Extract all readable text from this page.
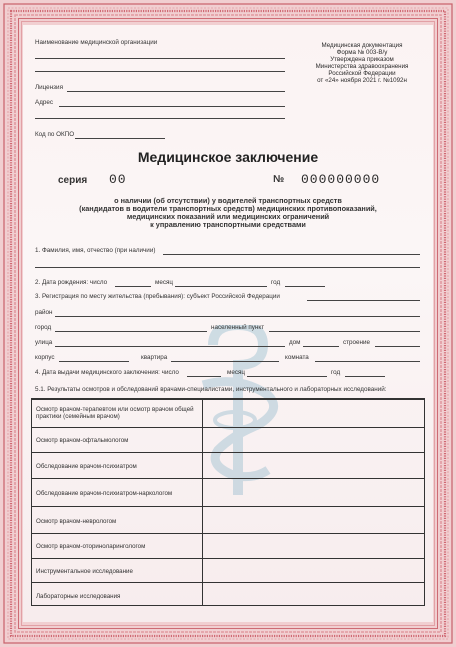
Наименование медицинской организации
Лицензия
Адрес
Код по ОКПО
Медицинская документация
Форма № 003-В/у
Утверждена приказом
Министерства здравоохранения
Российской Федерации
от «24» ноября 2021 г. №1092н
Медицинское заключение
серия 00	№ 000000000
о наличии (об отсутствии) у водителей транспортных средств
(кандидатов в водители транспортных средств) медицинских противопоказаний,
медицинских показаний или медицинских ограничений
к управлению транспортными средствами
1. Фамилия, имя, отчество (при наличии)
2. Дата рождения: число	месяц	год
3. Регистрация по месту жительства (пребывания): субъект Российской Федерации
район
город	населенный пункт
улица	дом	строение
корпус	квартира	комната
4. Дата выдачи медицинского заключения: число	месяц	год
5.1. Результаты осмотров и обследований врачами-специалистами, инструментального и лабораторных исследований:
Осмотр врачом-терапевтом или осмотр врачом общей практики (семейным врачом)
Осмотр врачом-офтальмологом
Обследование врачом-психиатром
Обследование врачом-психиатром-наркологом
Осмотр врачом-неврологом
Осмотр врачом-оториноларингологом
Инструментальное исследование
Лабораторные исследования
